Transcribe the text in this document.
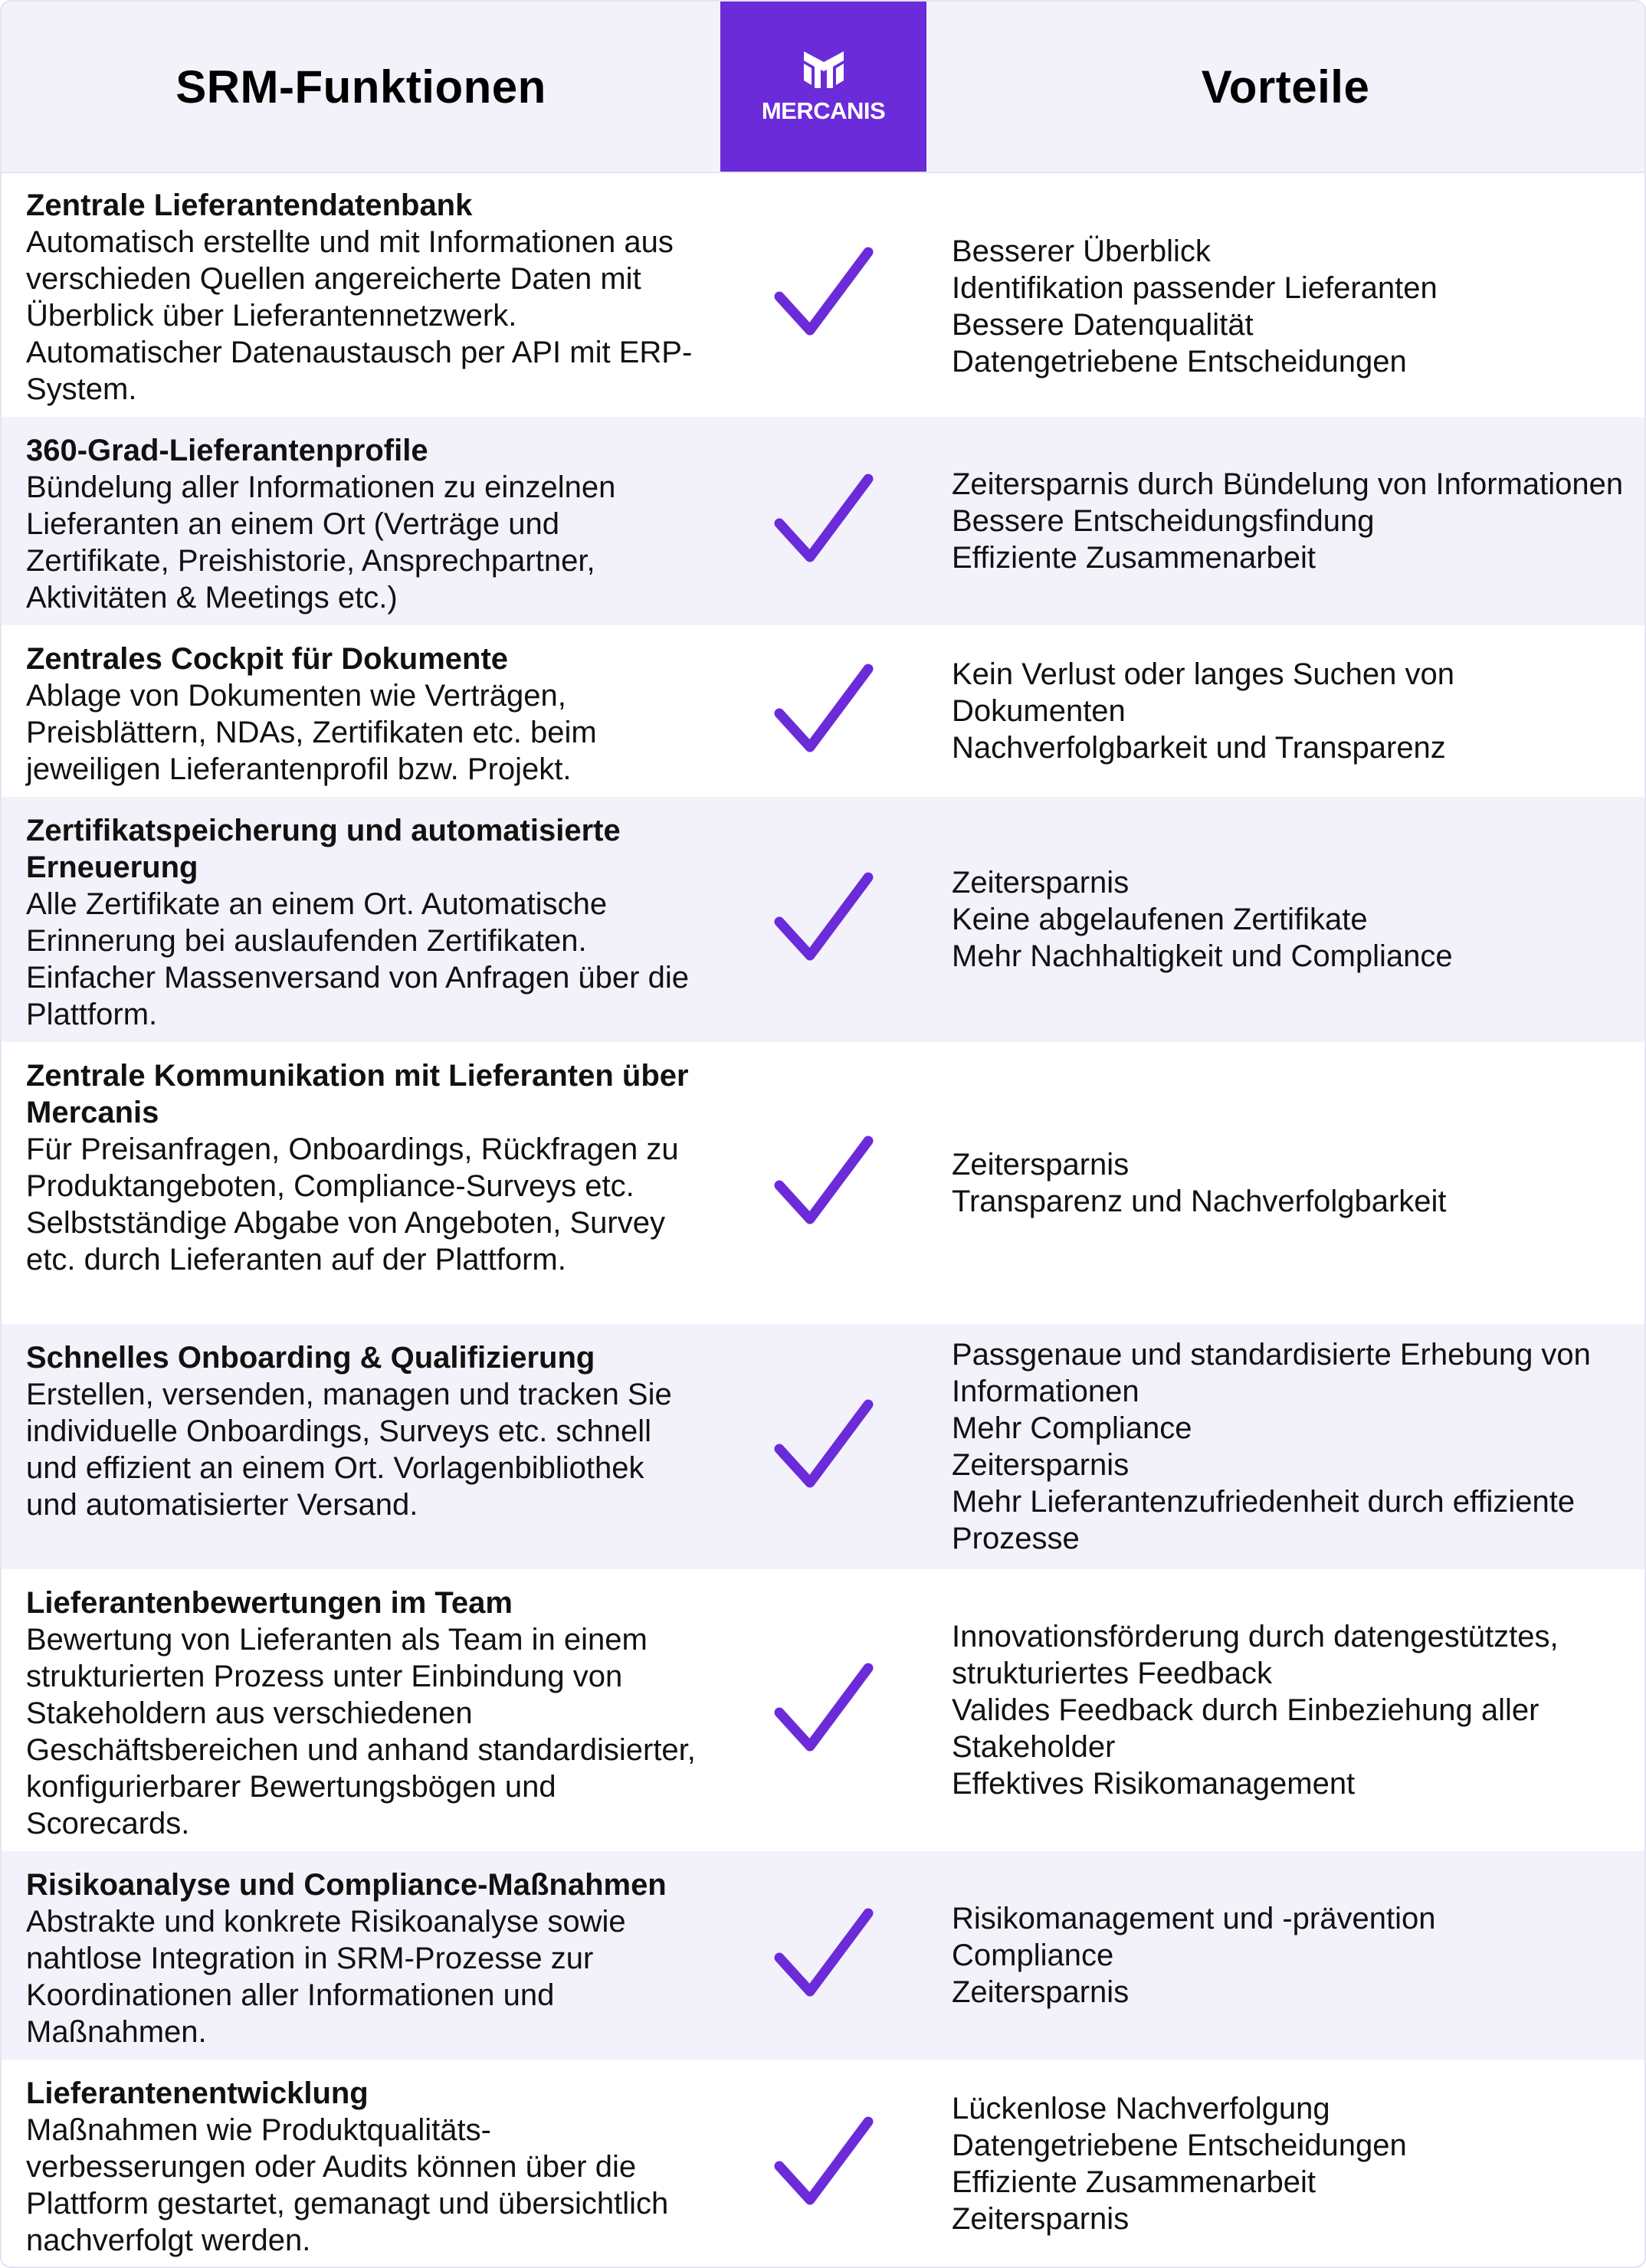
SRM-Funktionen	MERCANIS	Vorteile
Zentrale Lieferantendatenbank
Automatisch erstellte und mit Informationen aus verschieden Quellen angereicherte Daten mit Überblick über Lieferantennetzwerk. Automatischer Datenaustausch per API mit ERP-System.
Besserer Überblick
Identifikation passender Lieferanten
Bessere Datenqualität
Datengetriebene Entscheidungen
360-Grad-Lieferantenprofile
Bündelung aller Informationen zu einzelnen Lieferanten an einem Ort (Verträge und Zertifikate, Preishistorie, Ansprechpartner, Aktivitäten & Meetings etc.)
Zeitersparnis durch Bündelung von Informationen
Bessere Entscheidungsfindung
Effiziente Zusammenarbeit
Zentrales Cockpit für Dokumente
Ablage von Dokumenten wie Verträgen, Preisblättern, NDAs, Zertifikaten etc. beim jeweiligen Lieferantenprofil bzw. Projekt.
Kein Verlust oder langes Suchen von Dokumenten
Nachverfolgbarkeit und Transparenz
Zertifikatspeicherung und automatisierte Erneuerung
Alle Zertifikate an einem Ort. Automatische Erinnerung bei auslaufenden Zertifikaten. Einfacher Massenversand von Anfragen über die Plattform.
Zeitersparnis
Keine abgelaufenen Zertifikate
Mehr Nachhaltigkeit und Compliance
Zentrale Kommunikation mit Lieferanten über Mercanis
Für Preisanfragen, Onboardings, Rückfragen zu Produktangeboten, Compliance-Surveys etc. Selbstständige Abgabe von Angeboten, Survey etc. durch Lieferanten auf der Plattform.
Zeitersparnis
Transparenz und Nachverfolgbarkeit
Schnelles Onboarding & Qualifizierung
Erstellen, versenden, managen und tracken Sie individuelle Onboardings, Surveys etc. schnell und effizient an einem Ort. Vorlagenbibliothek und automatisierter Versand.
Passgenaue und standardisierte Erhebung von Informationen
Mehr Compliance
Zeitersparnis
Mehr Lieferantenzufriedenheit durch effiziente Prozesse
Lieferantenbewertungen im Team
Bewertung von Lieferanten als Team in einem strukturierten Prozess unter Einbindung von Stakeholdern aus verschiedenen Geschäftsbereichen und anhand standardisierter, konfigurierbarer Bewertungsbögen und Scorecards.
Innovationsförderung durch datengestütztes, strukturiertes Feedback
Valides Feedback durch Einbeziehung aller Stakeholder
Effektives Risikomanagement
Risikoanalyse und Compliance-Maßnahmen
Abstrakte und konkrete Risikoanalyse sowie nahtlose Integration in SRM-Prozesse zur Koordinationen aller Informationen und Maßnahmen.
Risikomanagement und -prävention
Compliance
Zeitersparnis
Lieferantenentwicklung
Maßnahmen wie Produktqualitäts-verbesserungen oder Audits können über die Plattform gestartet, gemanagt und übersichtlich nachverfolgt werden.
Lückenlose Nachverfolgung
Datengetriebene Entscheidungen
Effiziente Zusammenarbeit
Zeitersparnis
